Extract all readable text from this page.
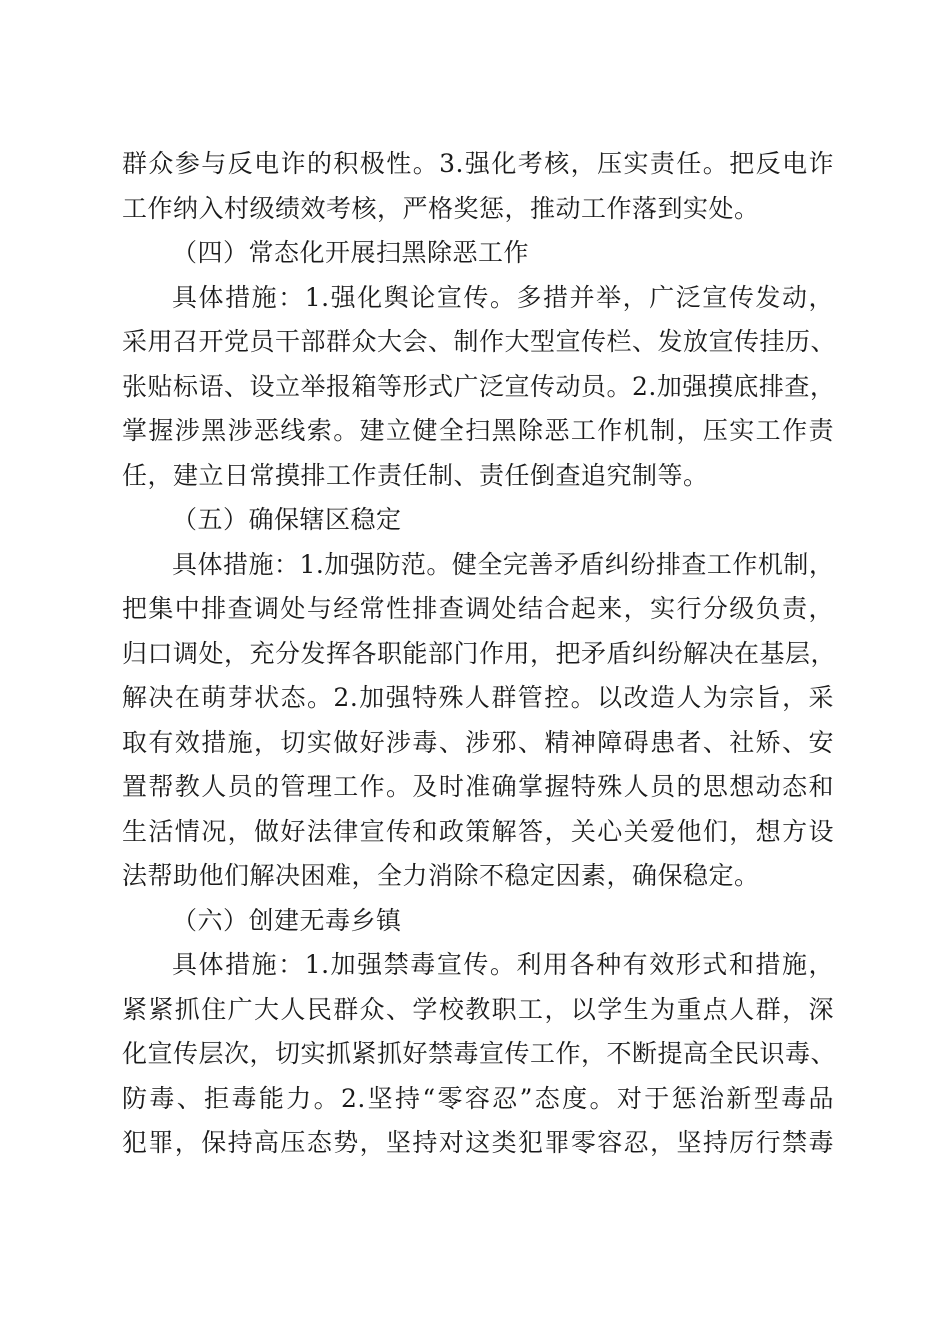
群众参与反电诈的积极性。3.强化考核，压实责任。把反电诈
工作纳入村级绩效考核，严格奖惩，推动工作落到实处。
（四）常态化开展扫黑除恶工作
具体措施：1.强化舆论宣传。多措并举，广泛宣传发动，
采用召开党员干部群众大会、制作大型宣传栏、发放宣传挂历、
张贴标语、设立举报箱等形式广泛宣传动员。2.加强摸底排查，
掌握涉黑涉恶线索。建立健全扫黑除恶工作机制，压实工作责
任，建立日常摸排工作责任制、责任倒查追究制等。
（五）确保辖区稳定
具体措施：1.加强防范。健全完善矛盾纠纷排查工作机制，
把集中排查调处与经常性排查调处结合起来，实行分级负责，
归口调处，充分发挥各职能部门作用，把矛盾纠纷解决在基层，
解决在萌芽状态。2.加强特殊人群管控。以改造人为宗旨，采
取有效措施，切实做好涉毒、涉邪、精神障碍患者、社矫、安
置帮教人员的管理工作。及时准确掌握特殊人员的思想动态和
生活情况，做好法律宣传和政策解答，关心关爱他们，想方设
法帮助他们解决困难，全力消除不稳定因素，确保稳定。
（六）创建无毒乡镇
具体措施：1.加强禁毒宣传。利用各种有效形式和措施，
紧紧抓住广大人民群众、学校教职工，以学生为重点人群，深
化宣传层次，切实抓紧抓好禁毒宣传工作，不断提高全民识毒、
防毒、拒毒能力。2.坚持“零容忍”态度。对于惩治新型毒品
犯罪，保持高压态势，坚持对这类犯罪零容忍，坚持厉行禁毒
